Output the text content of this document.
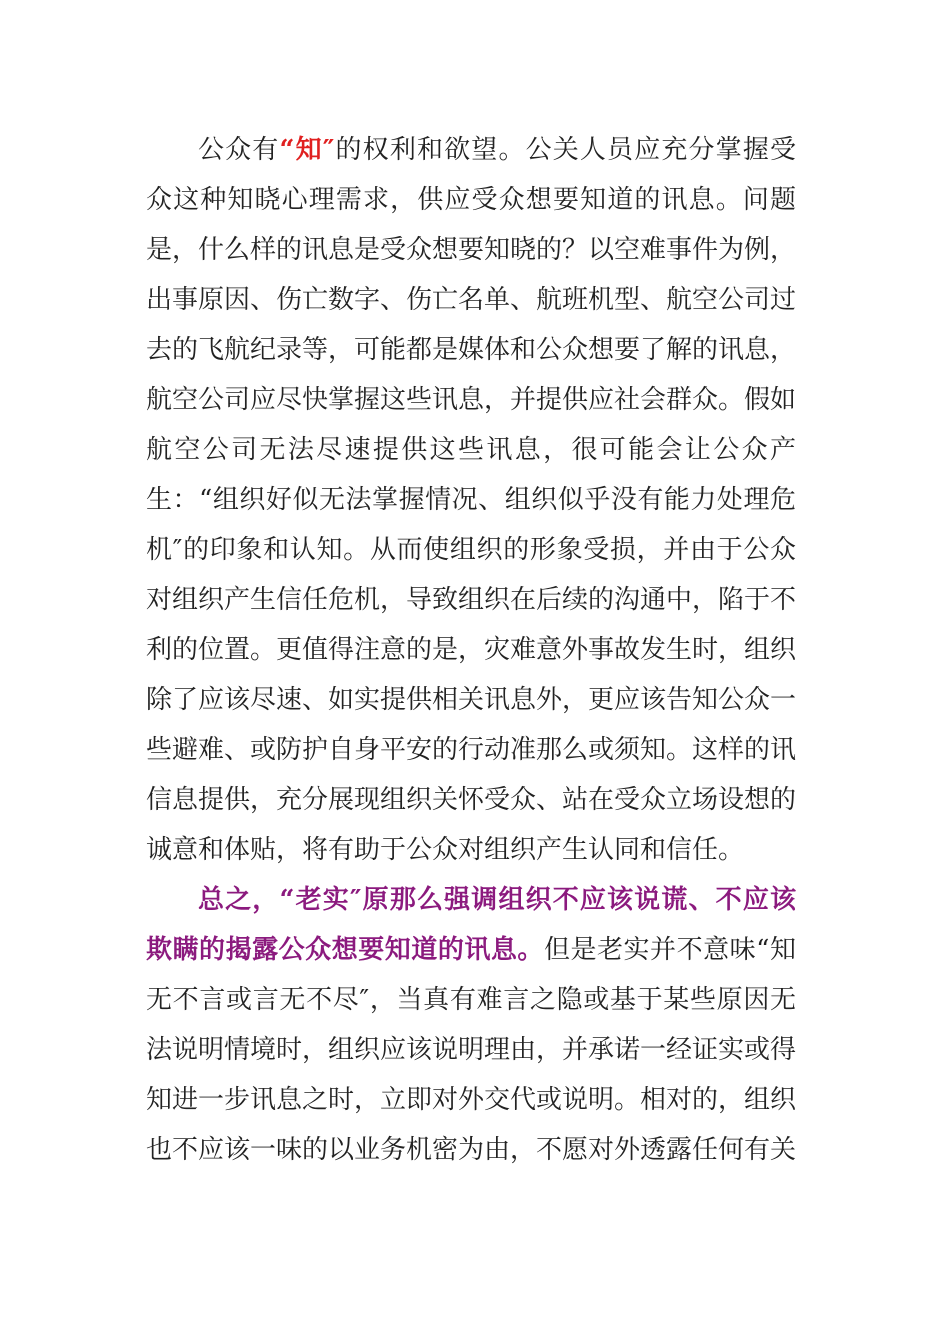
公众有“知″的权利和欲望。公关人员应充分掌握受众这种知晓心理需求，供应受众想要知道的讯息。问题是，什么样的讯息是受众想要知晓的？以空难事件为例，出事原因、伤亡数字、伤亡名单、航班机型、航空公司过去的飞航纪录等，可能都是媒体和公众想要了解的讯息，航空公司应尽快掌握这些讯息，并提供应社会群众。假如航空公司无法尽速提供这些讯息，很可能会让公众产生：“组织好似无法掌握情况、组织似乎没有能力处理危机″的印象和认知。从而使组织的形象受损，并由于公众对组织产生信任危机，导致组织在后续的沟通中，陷于不利的位置。更值得注意的是，灾难意外事故发生时，组织除了应该尽速、如实提供相关讯息外，更应该告知公众一些避难、或防护自身平安的行动准那么或须知。这样的讯信息提供，充分展现组织关怀受众、站在受众立场设想的诚意和体贴，将有助于公众对组织产生认同和信任。

总之，“老实″原那么强调组织不应该说谎、不应该欺瞒的揭露公众想要知道的讯息。但是老实并不意味“知无不言或言无不尽″，当真有难言之隐或基于某些原因无法说明情境时，组织应该说明理由，并承诺一经证实或得知进一步讯息之时，立即对外交代或说明。相对的，组织也不应该一味的以业务机密为由，不愿对外透露任何有关
